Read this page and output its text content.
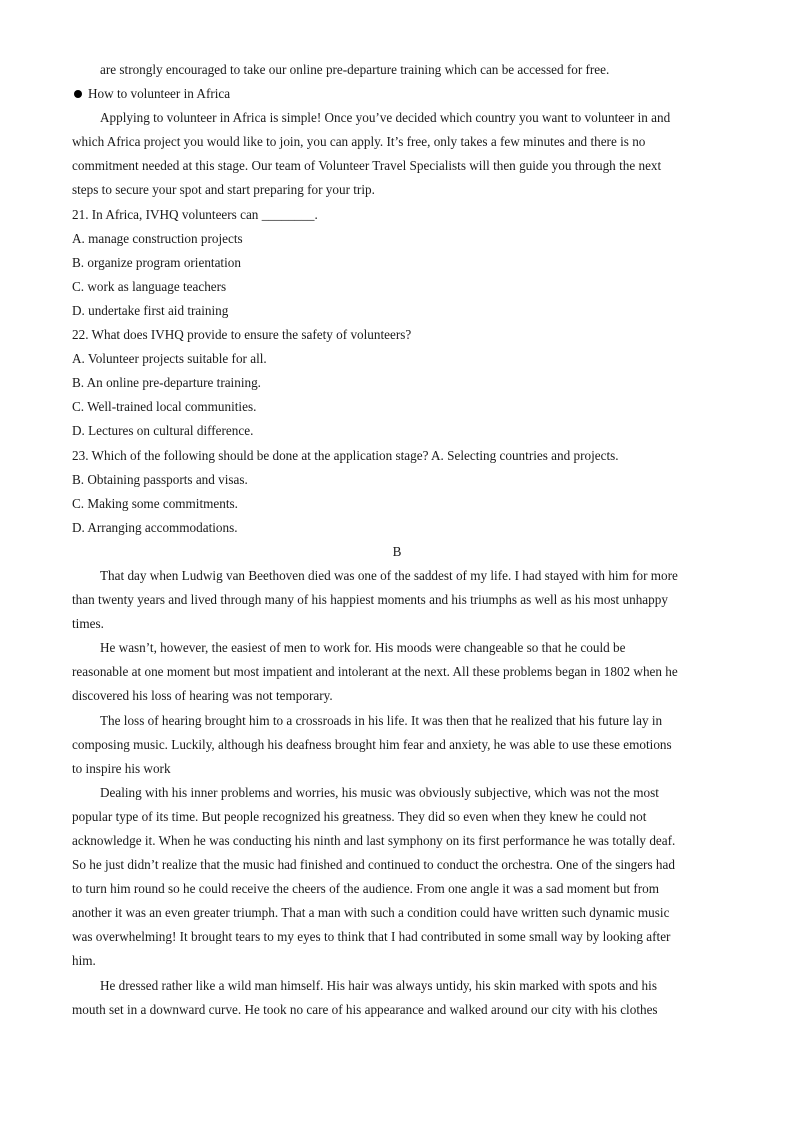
are strongly encouraged to take our online pre-departure training which can be accessed for free.
How to volunteer in Africa
Applying to volunteer in Africa is simple! Once you’ve decided which country you want to volunteer in and
which Africa project you would like to join, you can apply. It’s free, only takes a few minutes and there is no
commitment needed at this stage. Our team of Volunteer Travel Specialists will then guide you through the next
steps to secure your spot and start preparing for your trip.
21. In Africa, IVHQ volunteers can ________.
A. manage construction projects
B. organize program orientation
C. work as language teachers
D. undertake first aid training
22. What does IVHQ provide to ensure the safety of volunteers?
A. Volunteer projects suitable for all.
B. An online pre-departure training.
C. Well-trained local communities.
D. Lectures on cultural difference.
23. Which of the following should be done at the application stage? A. Selecting countries and projects.
B. Obtaining passports and visas.
C. Making some commitments.
D. Arranging accommodations.
B
That day when Ludwig van Beethoven died was one of the saddest of my life. I had stayed with him for more
than twenty years and lived through many of his happiest moments and his triumphs as well as his most unhappy
times.
He wasn’t, however, the easiest of men to work for. His moods were changeable so that he could be
reasonable at one moment but most impatient and intolerant at the next. All these problems began in 1802 when he
discovered his loss of hearing was not temporary.
The loss of hearing brought him to a crossroads in his life. It was then that he realized that his future lay in
composing music. Luckily, although his deafness brought him fear and anxiety, he was able to use these emotions
to inspire his work
Dealing with his inner problems and worries, his music was obviously subjective, which was not the most
popular type of its time. But people recognized his greatness. They did so even when they knew he could not
acknowledge it. When he was conducting his ninth and last symphony on its first performance he was totally deaf.
So he just didn’t realize that the music had finished and continued to conduct the orchestra. One of the singers had
to turn him round so he could receive the cheers of the audience. From one angle it was a sad moment but from
another it was an even greater triumph. That a man with such a condition could have written such dynamic music
was overwhelming! It brought tears to my eyes to think that I had contributed in some small way by looking after
him.
He dressed rather like a wild man himself. His hair was always untidy, his skin marked with spots and his
mouth set in a downward curve. He took no care of his appearance and walked around our city with his clothes
